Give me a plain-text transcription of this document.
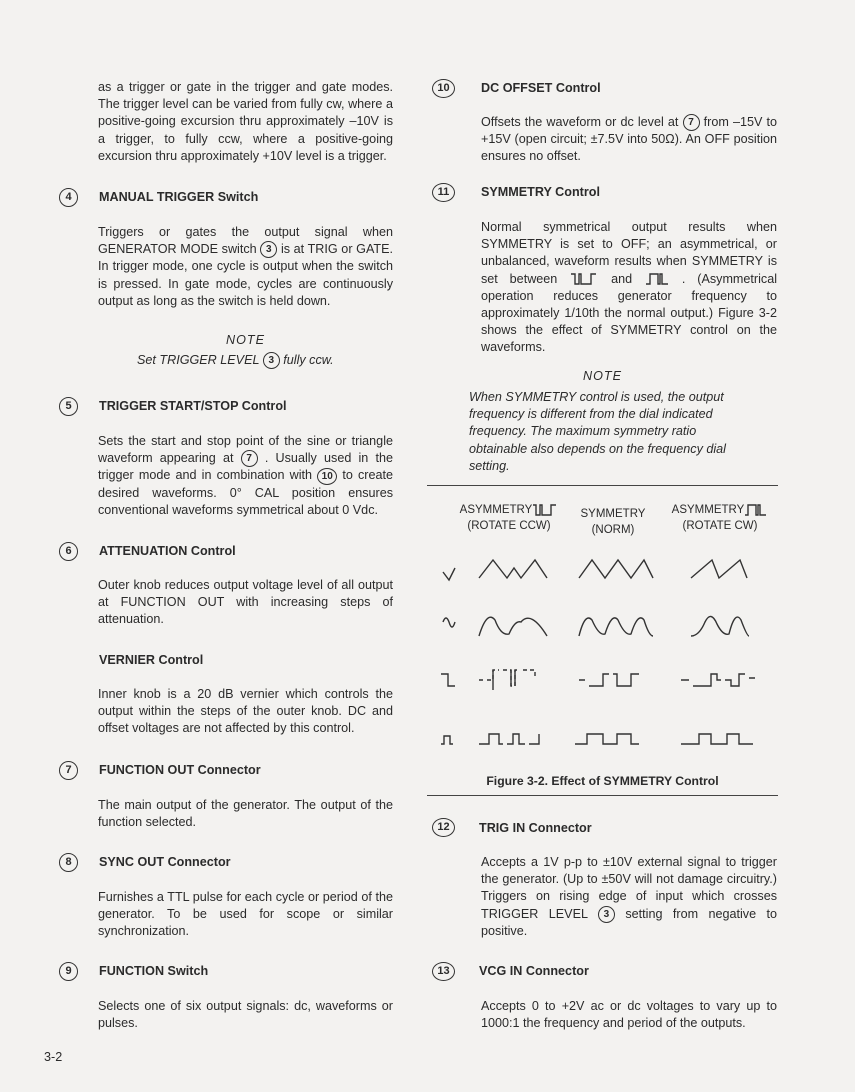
as a trigger or gate in the trigger and gate modes. The trigger level can be varied from fully cw, where a positive-going excursion thru approximately –10V is a trigger, to fully ccw, where a positive-going excursion thru approximately +10V level is a trigger.

4	MANUAL TRIGGER Switch

Triggers or gates the output signal when GENERATOR MODE switch 3 is at TRIG or GATE. In trigger mode, one cycle is output when the switch is pressed. In gate mode, cycles are continuously output as long as the switch is held down.

NOTE
Set TRIGGER LEVEL 3 fully ccw.
5	TRIGGER START/STOP Control

Sets the start and stop point of the sine or triangle waveform appearing at 7 . Usually used in the trigger mode and in combination with 10 to create desired waveforms. 0° CAL position ensures conventional waveforms symmetrical about 0 Vdc.

6	ATTENUATION Control

Outer knob reduces output voltage level of all output at FUNCTION OUT with increasing steps of attenuation.

VERNIER Control

Inner knob is a 20 dB vernier which controls the output within the steps of the outer knob. DC and offset voltages are not affected by this control.

7	FUNCTION OUT Connector

The main output of the generator. The output of the function selected.

8	SYNC OUT Connector

Furnishes a TTL pulse for each cycle or period of the generator. To be used for scope or similar synchronization.

9	FUNCTION Switch

Selects one of six output signals: dc, waveforms or pulses.

3-2
10	DC OFFSET Control

Offsets the waveform or dc level at 7 from –15V to +15V (open circuit; ±7.5V into 50Ω). An OFF position ensures no offset.

11	SYMMETRY Control

Normal symmetrical output results when SYMMETRY is set to OFF; an asymmetrical, or unbalanced, waveform results when SYMMETRY is set between	and	. (Asymmetrical operation reduces generator frequency to approximately 1/10th the normal output.) Figure 3-2 shows the effect of SYMMETRY control on the waveforms.

NOTE

When SYMMETRY control is used, the output frequency is different from the dial indicated frequency. The maximum symmetry ratio obtainable also depends on the frequency dial setting.

ASYMMETRY
(ROTATE CCW)
SYMMETRY
(NORM)
ASYMMETRY
(ROTATE CW)
Figure 3-2. Effect of SYMMETRY Control
12	TRIG IN Connector

Accepts a 1V p-p to ±10V external signal to trigger the generator. (Up to ±50V will not damage circuitry.) Triggers on rising edge of input which crosses TRIGGER LEVEL 3 setting from negative to positive.

13	VCG IN Connector

Accepts 0 to +2V ac or dc voltages to vary up to 1000:1 the frequency and period of the outputs.
